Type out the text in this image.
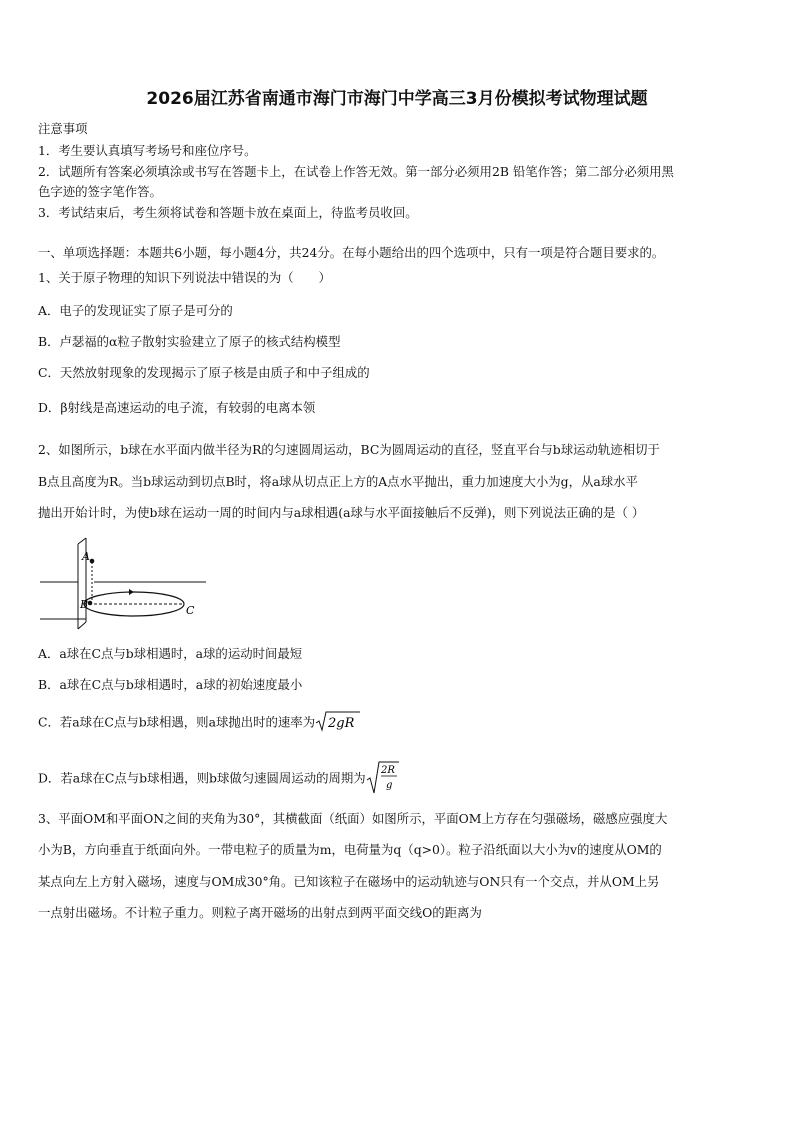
2026届江苏省南通市海门市海门中学高三3月份模拟考试物理试题
注意事项
1．考生要认真填写考场号和座位序号。
2．试题所有答案必须填涂或书写在答题卡上，在试卷上作答无效。第一部分必须用2B 铅笔作答；第二部分必须用黑
色字迹的签字笔作答。
3．考试结束后，考生须将试卷和答题卡放在桌面上，待监考员收回。
一、单项选择题：本题共6小题，每小题4分，共24分。在每小题给出的四个选项中，只有一项是符合题目要求的。
1、关于原子物理的知识下列说法中错误的为（　　）
A．电子的发现证实了原子是可分的
B．卢瑟福的α粒子散射实验建立了原子的核式结构模型
C．天然放射现象的发现揭示了原子核是由质子和中子组成的
D．β射线是高速运动的电子流，有较弱的电离本领
2、如图所示，b球在水平面内做半径为R的匀速圆周运动，BC为圆周运动的直径，竖直平台与b球运动轨迹相切于
B点且高度为R。当b球运动到切点B时，将a球从切点正上方的A点水平抛出，重力加速度大小为g，从a球水平
抛出开始计时，为使b球在运动一周的时间内与a球相遇(a球与水平面接触后不反弹)，则下列说法正确的是（ ）
A
B	C
A．a球在C点与b球相遇时，a球的运动时间最短
B．a球在C点与b球相遇时，a球的初始速度最小
C．若a球在C点与b球相遇，则a球抛出时的速率为 2gR
D．若a球在C点与b球相遇，则b球做匀速圆周运动的周期为 2R
g
3、平面OM和平面ON之间的夹角为30°，其横截面（纸面）如图所示，平面OM上方存在匀强磁场，磁感应强度大
小为B，方向垂直于纸面向外。一带电粒子的质量为m，电荷量为q（q>0）。粒子沿纸面以大小为v的速度从OM的
某点向左上方射入磁场，速度与OM成30°角。已知该粒子在磁场中的运动轨迹与ON只有一个交点，并从OM上另
一点射出磁场。不计粒子重力。则粒子离开磁场的出射点到两平面交线O的距离为
